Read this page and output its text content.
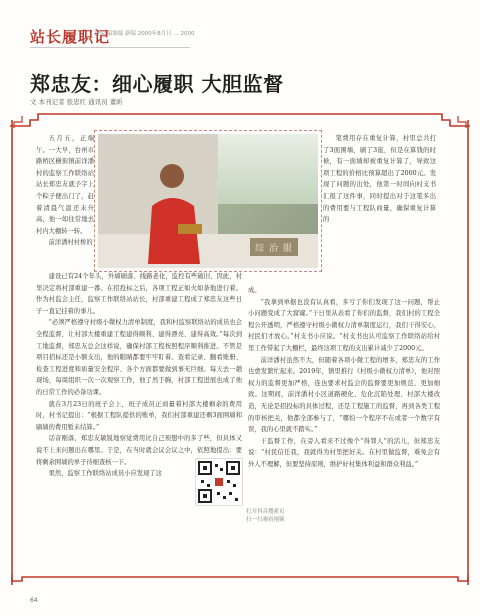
站长履职记
新编 稿源编 新编 2000年8月日 ... 2000
郑忠友：细心履职 大胆监督
文 本刊记者 张忠红 通讯员 董昕
综 治 服

五月五，正端午。一大早，台州市路桥区横街镇前洋潘村的监察工作联络站站长郑忠友就予字上个粽子便出门了，赶着清晨气温还未升高，他一如往常地去村内大棚转一转。

前洋潘村村桥的

建设已有24个年头，外墙刷落、线路老化，监控有些破旧，因此，村里决定将村部重建一番。在招投标之后，各项工程正如火如荼地进行着。作为村监会主任，监察工作联络站站长，村部重建工程成了郑忠友这些日子一直记挂着的事儿。

“必须严格遵守村级小微权力清单制度，我和村监察联络站的成员也会全程监督，让村部大楼重建工程建得顺利、建得漂亮、建得高效。”每次到工地监督，郑忠友总会这样说，确保村部工程按照程序顺利推进。不管是项目招标还是小额支出，他的眼睛都要牢牢盯着。查看记录、翻看账册、检查工程进度和质量安全程序、各个方面都要做到事无巨细。每天去一趟现场，每周组织一次一次观察工作，他了然于胸，村部工程进展也成了他的日常工作的必备功课。

就在3月23日的班子会上，班子成员正商量着村部大楼剩余的费用时，村书记提出：“根据工程队提供的账单，我们村部重建还剩3面围墙和刷墙的费用暂未结算。”

话音刚落，郑忠友敏锐地察觉费用比自己预想中的多了些，但具体又说不上来问题出在哪里。于是，在当时就会议会议之中，依照地提出：要将剩余围墙的单子待细查核一下。

果然，监察工作联络站成员小应发现了这

笔费用存在重复计算，村里总共打了3面围墙，刷了3座，但是在算钱的时候，有一面墙却被重复计算了，导致这项工程的价格比预算超出了2000元。发现了问题的出处，他第一时间向村支书汇报了这件事，同时提出对于这笔多出的费用要与工程队商量，确保重复计算的

成。

“我拿到单据也没有认真看，多亏了你们发现了这一问题，帮止小问题变成了大窟窿。”干日里从表看了你们的监督，我们村的工程全程公开透明，严格遵守村级小微权力清单制度运行，我们干得安心，村民们才放心。”村支书小应说。“村支书也认可监察工作联络站给村里工作带起了大栅栏，最终这项工程的支出累计减少了2000元。

前洋潘村虽然不大，但随着各项小微工程的增多，郑忠友的工作也愈发繁忙起来。2019年，镇里推行《村级小微权力清单》，他对照权力的监督更加严格，连也要求村监会的监督要更加规范、更加细致。这期间，前洋潘村小区道路硬化、危化沉陷处理、村部大楼改造，无论是招投标的具体过程，还是工程施工的监督，再到各类工程的审核把关，他都全部参与了，“哪怕一个程序不在或者一个数字有误，我的心里就不踏实。”

干监督工作，在旁人看来不过像个“得罪人”的活儿，但郑忠友说：“村民信任我，我就得为村里把好关。在村里做监督，难免会有外人不理解，但要坚持原则，维护好村集体利益和群众利益。”

打开抖音搜索页
扫一扫观看视频
64
